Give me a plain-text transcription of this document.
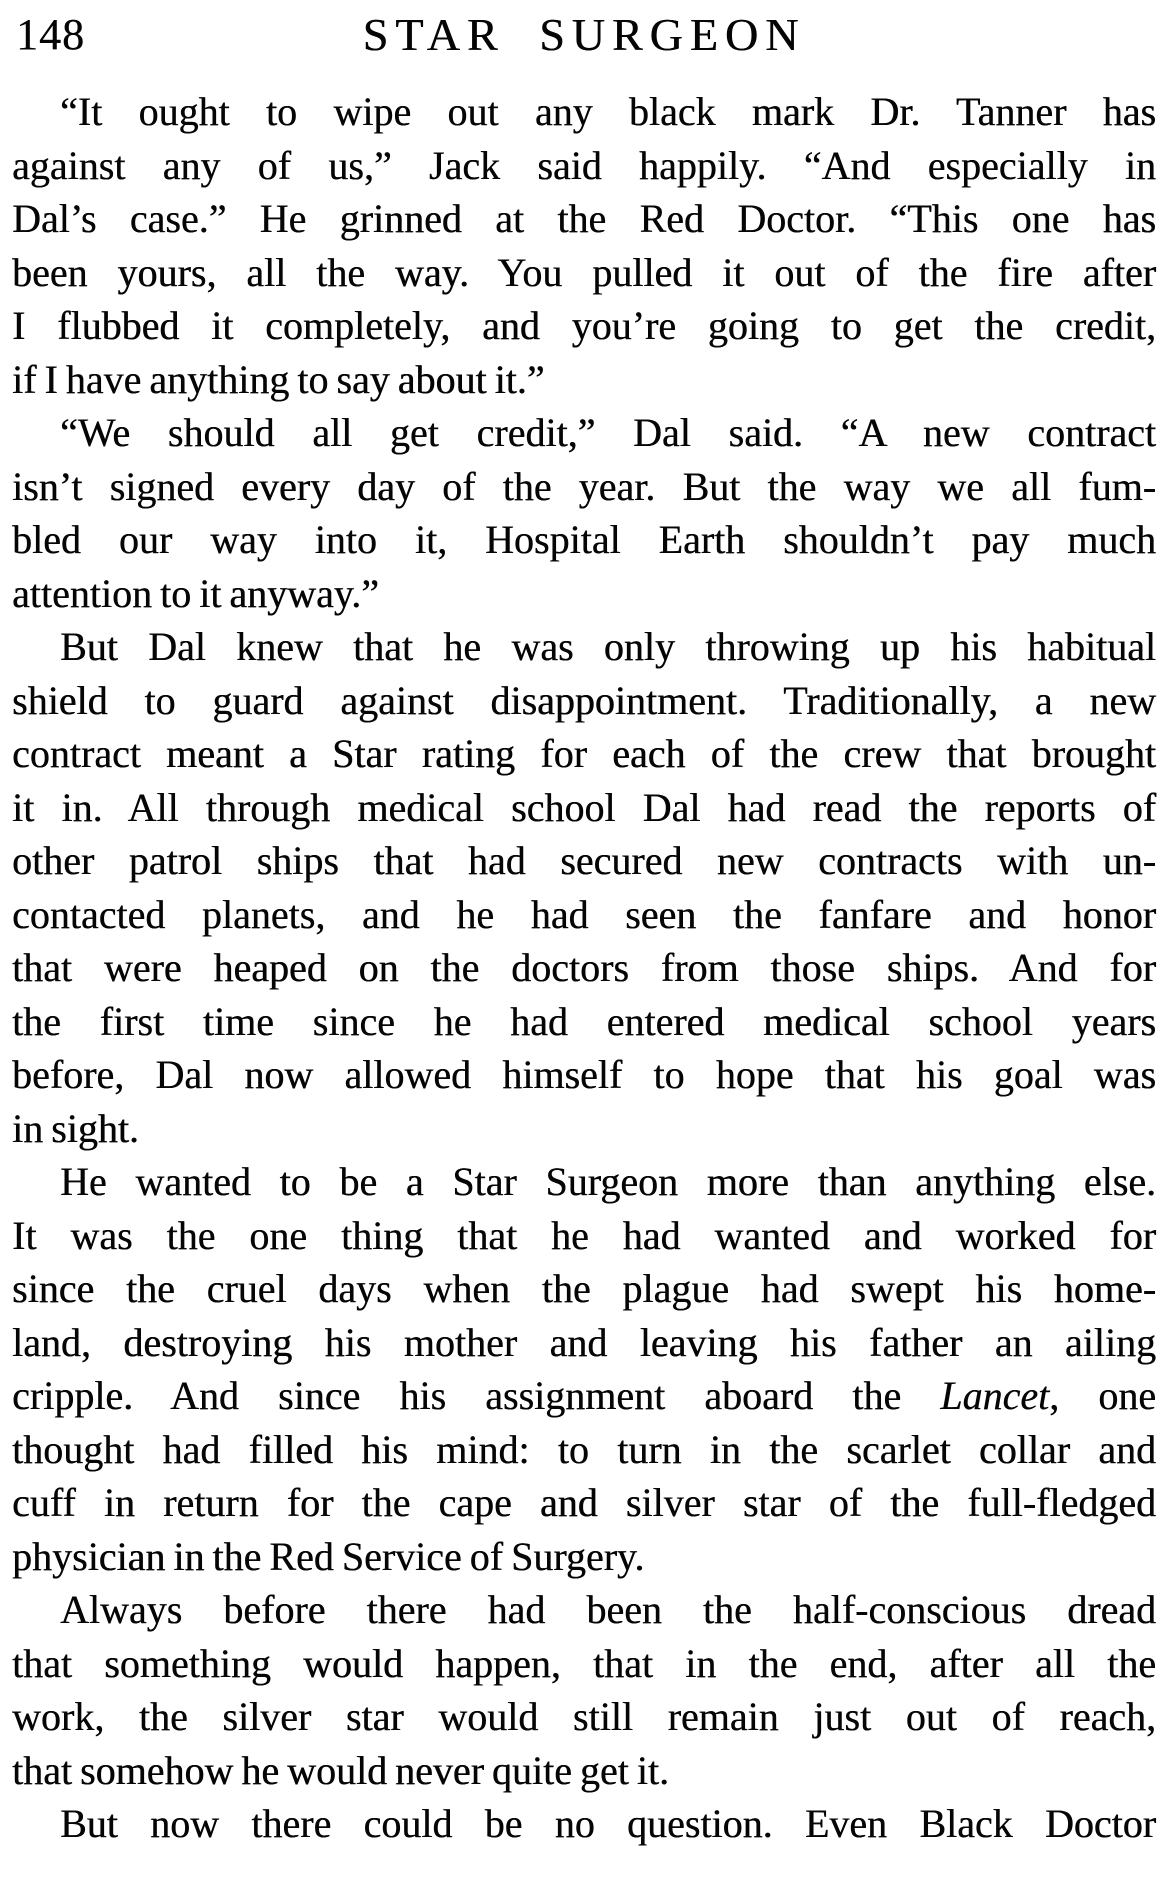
148	STAR SURGEON
“It ought to wipe out any black mark Dr. Tanner has
against any of us,” Jack said happily. “And especially in
Dal’s case.” He grinned at the Red Doctor. “This one has
been yours, all the way. You pulled it out of the fire after
I flubbed it completely, and you’re going to get the credit,
if I have anything to say about it.”
“We should all get credit,” Dal said. “A new contract
isn’t signed every day of the year. But the way we all fum-
bled our way into it, Hospital Earth shouldn’t pay much
attention to it anyway.”
But Dal knew that he was only throwing up his habitual
shield to guard against disappointment. Traditionally, a new
contract meant a Star rating for each of the crew that brought
it in. All through medical school Dal had read the reports of
other patrol ships that had secured new contracts with un-
contacted planets, and he had seen the fanfare and honor
that were heaped on the doctors from those ships. And for
the first time since he had entered medical school years
before, Dal now allowed himself to hope that his goal was
in sight.
He wanted to be a Star Surgeon more than anything else.
It was the one thing that he had wanted and worked for
since the cruel days when the plague had swept his home-
land, destroying his mother and leaving his father an ailing
cripple. And since his assignment aboard the Lancet, one
thought had filled his mind: to turn in the scarlet collar and
cuff in return for the cape and silver star of the full-fledged
physician in the Red Service of Surgery.
Always before there had been the half-conscious dread
that something would happen, that in the end, after all the
work, the silver star would still remain just out of reach,
that somehow he would never quite get it.
But now there could be no question. Even Black Doctor
